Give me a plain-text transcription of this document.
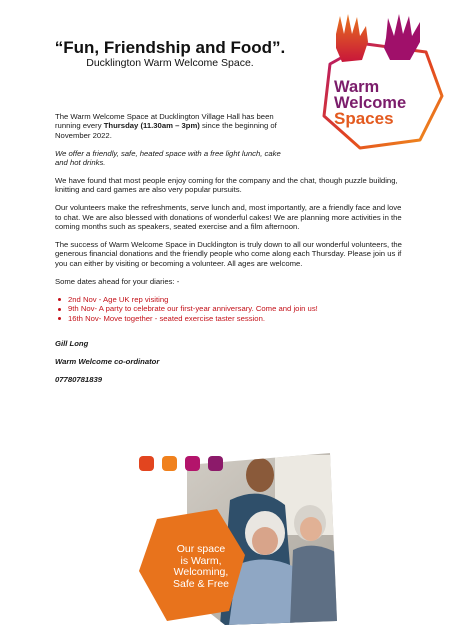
“Fun, Friendship and Food”.

Ducklington Warm Welcome Space.

Warm
Welcome
Spaces

The Warm Welcome Space at Ducklington Village Hall has been running every Thursday (11.30am – 3pm) since the beginning of November 2022.

We offer a friendly, safe, heated space with a free light lunch, cake and hot drinks.

We have found that most people enjoy coming for the company and the chat, though puzzle building, knitting and card games are also very popular pursuits.

Our volunteers make the refreshments, serve lunch and, most importantly, are a friendly face and love to chat. We are also blessed with donations of wonderful cakes! We are planning more activities in the coming months such as speakers, seated exercise and a film afternoon.

The success of Warm Welcome Space in Ducklington is truly down to all our wonderful volunteers, the generous financial donations and the friendly people who come along each Thursday. Please join us if you can either by visiting or becoming a volunteer. All ages are welcome.

Some dates ahead for your diaries: -

2nd Nov - Age UK rep visiting
9th Nov- A party to celebrate our first-year anniversary. Come and join us!
16th Nov- Move together - seated exercise taster session.

Gill Long

Warm Welcome co-ordinator

07780781839

Our space
is Warm,
Welcoming,
Safe & Free
